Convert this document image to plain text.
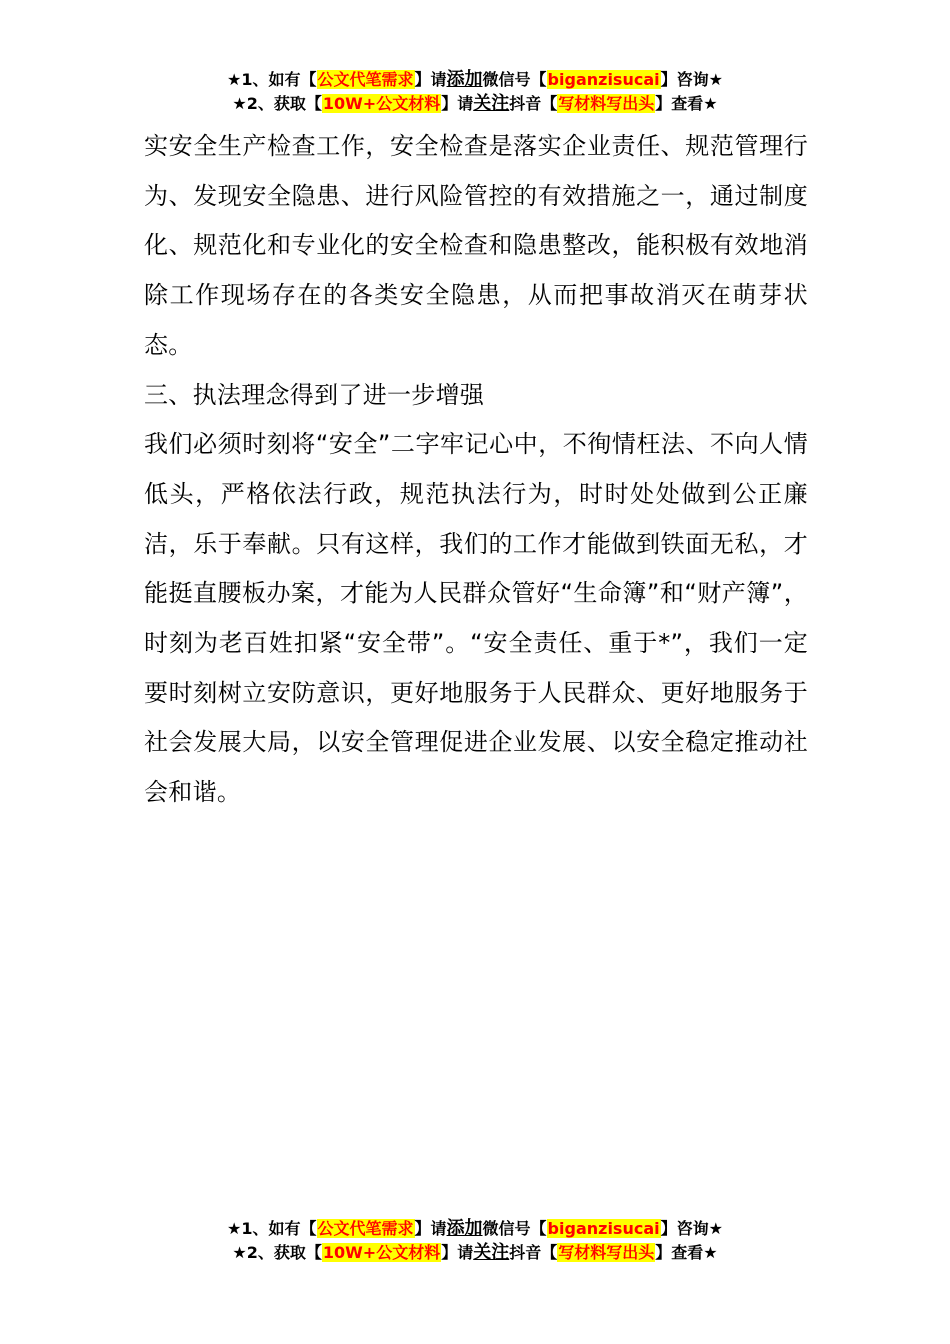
★1、如有【公文代笔需求】请添加微信号【biganzisucai】咨询★
★2、获取【10W+公文材料】请关注抖音【写材料写出头】查看★

实安全生产检查工作，安全检查是落实企业责任、规范管理行为、发现安全隐患、进行风险管控的有效措施之一，通过制度化、规范化和专业化的安全检查和隐患整改，能积极有效地消除工作现场存在的各类安全隐患，从而把事故消灭在萌芽状态。

三、执法理念得到了进一步增强

我们必须时刻将“安全”二字牢记心中，不徇情枉法、不向人情低头，严格依法行政，规范执法行为，时时处处做到公正廉洁，乐于奉献。只有这样，我们的工作才能做到铁面无私，才能挺直腰板办案，才能为人民群众管好“生命簿”和“财产簿”，时刻为老百姓扣紧“安全带”。“安全责任、重于*”，我们一定要时刻树立安防意识，更好地服务于人民群众、更好地服务于社会发展大局，以安全管理促进企业发展、以安全稳定推动社会和谐。

★1、如有【公文代笔需求】请添加微信号【biganzisucai】咨询★
★2、获取【10W+公文材料】请关注抖音【写材料写出头】查看★
